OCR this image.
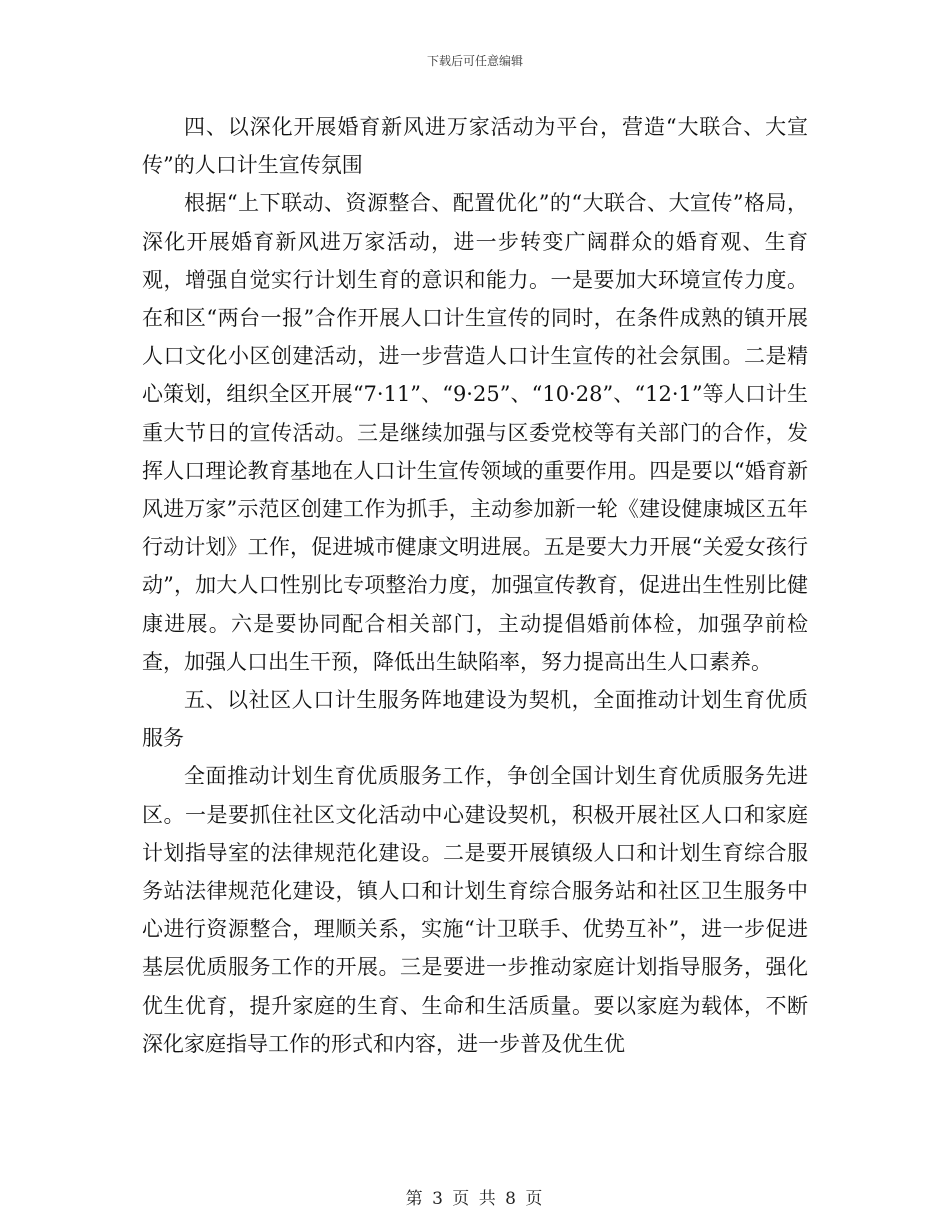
下载后可任意编辑

四、以深化开展婚育新风进万家活动为平台，营造“大联合、大宣传”的人口计生宣传氛围

根据“上下联动、资源整合、配置优化”的“大联合、大宣传”格局，深化开展婚育新风进万家活动，进一步转变广阔群众的婚育观、生育观，增强自觉实行计划生育的意识和能力。一是要加大环境宣传力度。在和区“两台一报”合作开展人口计生宣传的同时，在条件成熟的镇开展人口文化小区创建活动，进一步营造人口计生宣传的社会氛围。二是精心策划，组织全区开展“7·11”、“9·25”、“10·28”、“12·1”等人口计生重大节日的宣传活动。三是继续加强与区委党校等有关部门的合作，发挥人口理论教育基地在人口计生宣传领域的重要作用。四是要以“婚育新风进万家”示范区创建工作为抓手，主动参加新一轮《建设健康城区五年行动计划》工作，促进城市健康文明进展。五是要大力开展“关爱女孩行动”，加大人口性别比专项整治力度，加强宣传教育，促进出生性别比健康进展。六是要协同配合相关部门，主动提倡婚前体检，加强孕前检查，加强人口出生干预，降低出生缺陷率，努力提高出生人口素养。

五、以社区人口计生服务阵地建设为契机，全面推动计划生育优质服务

全面推动计划生育优质服务工作，争创全国计划生育优质服务先进区。一是要抓住社区文化活动中心建设契机，积极开展社区人口和家庭计划指导室的法律规范化建设。二是要开展镇级人口和计划生育综合服务站法律规范化建设，镇人口和计划生育综合服务站和社区卫生服务中心进行资源整合，理顺关系，实施“计卫联手、优势互补”，进一步促进基层优质服务工作的开展。三是要进一步推动家庭计划指导服务，强化优生优育，提升家庭的生育、生命和生活质量。要以家庭为载体，不断深化家庭指导工作的形式和内容，进一步普及优生优

第 3 页 共 8 页
